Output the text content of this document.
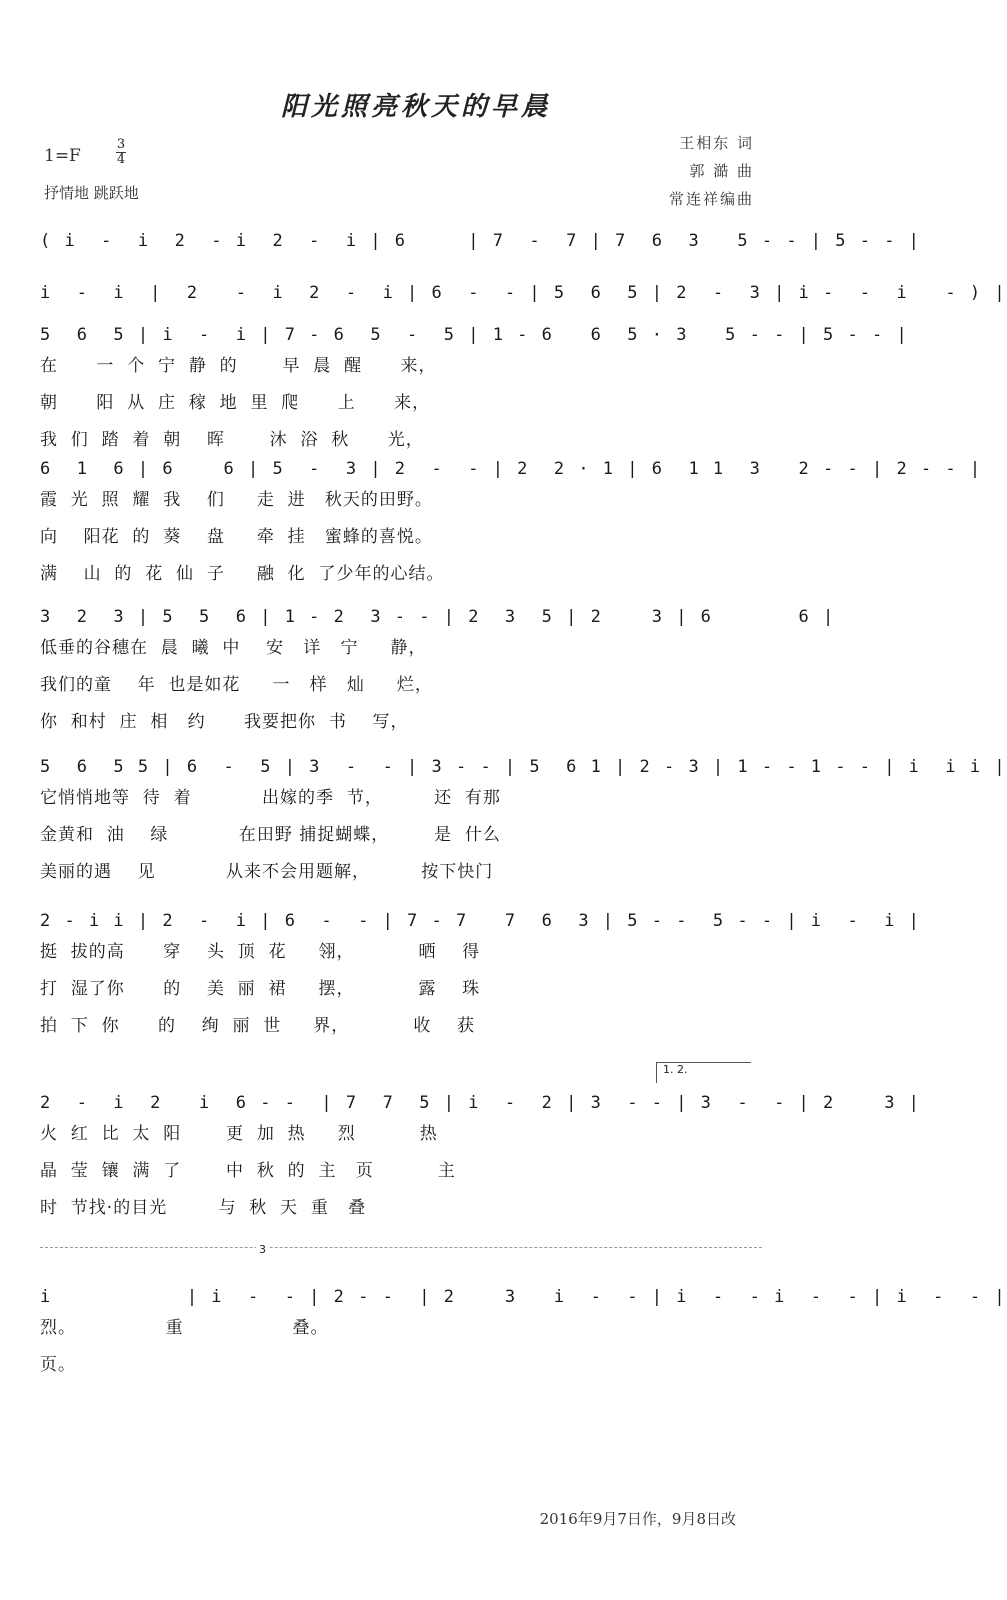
阳光照亮秋天的早晨
王相东 词
郭 澔 曲
常连祥编曲
1=F
3
4
抒情地 跳跃地
( i  -  i  2  - i  2  -  i | 6     | 7  -  7 | 7  6  3   5 - - | 5 - - |
i  -  i  |  2   -  i  2  -  i | 6  -  - | 5  6  5 | 2  -  3 | i -  -  i   - ) |
5  6  5 | i  -  i | 7 - 6  5  -  5 | 1 - 6   6  5 · 3   5 - - | 5 - - |
在      一  个  宁  静  的       早  晨  醒      来，
朝      阳  从  庄  稼  地  里  爬      上      来，
我  们  踏  着  朝    晖       沐  浴  秋      光，
6  1  6 | 6    6 | 5  -  3 | 2  -  - | 2  2 · 1 | 6  1 1  3   2 - - | 2 - - |
霞  光  照  耀  我    们     走  进   秋天的田野。
向    阳花  的  葵    盘     牵  挂   蜜蜂的喜悦。
满    山  的  花  仙  子     融  化  了少年的心结。
3  2  3 | 5  5  6 | 1 - 2  3 - - | 2  3  5 | 2    3 | 6       6 |
低垂的谷穗在  晨  曦  中    安   详   宁     静，
我们的童    年  也是如花     一   样   灿     烂，
你  和村  庄  相   约      我要把你  书    写，
5  6  5 5 | 6  -  5 | 3  -  - | 3 - - | 5  6 1 | 2 - 3 | 1 - - 1 - - | i  i i |
它悄悄地等  待  着           出嫁的季  节，        还  有那
金黄和  油    绿           在田野 捕捉蝴蝶，       是  什么
美丽的遇    见           从来不会用题解，        按下快门
2 - i i | 2  -  i | 6  -  - | 7 - 7   7  6  3 | 5 - -  5 - - | i  -  i |
挺  拔的高      穿    头  顶  花     翎，          晒    得
打  湿了你      的    美  丽  裙     摆，          露    珠
拍  下  你      的    绚  丽  世     界，          收    获
1. 2.
2  -  i  2   i  6 - -  | 7  7  5 | i  -  2 | 3  - - | 3  -  - | 2    3 |
火  红  比  太  阳       更  加  热     烈          热
晶  莹  镶  满  了       中  秋  的  主   页          主
时  节找·的目光        与  秋  天  重   叠
3
i           | i  -  - | 2 - -  | 2    3   i  -  - | i  -  - i  -  - | i  -  - |
烈。              重                 叠。
页。
2016年9月7日作，9月8日改
